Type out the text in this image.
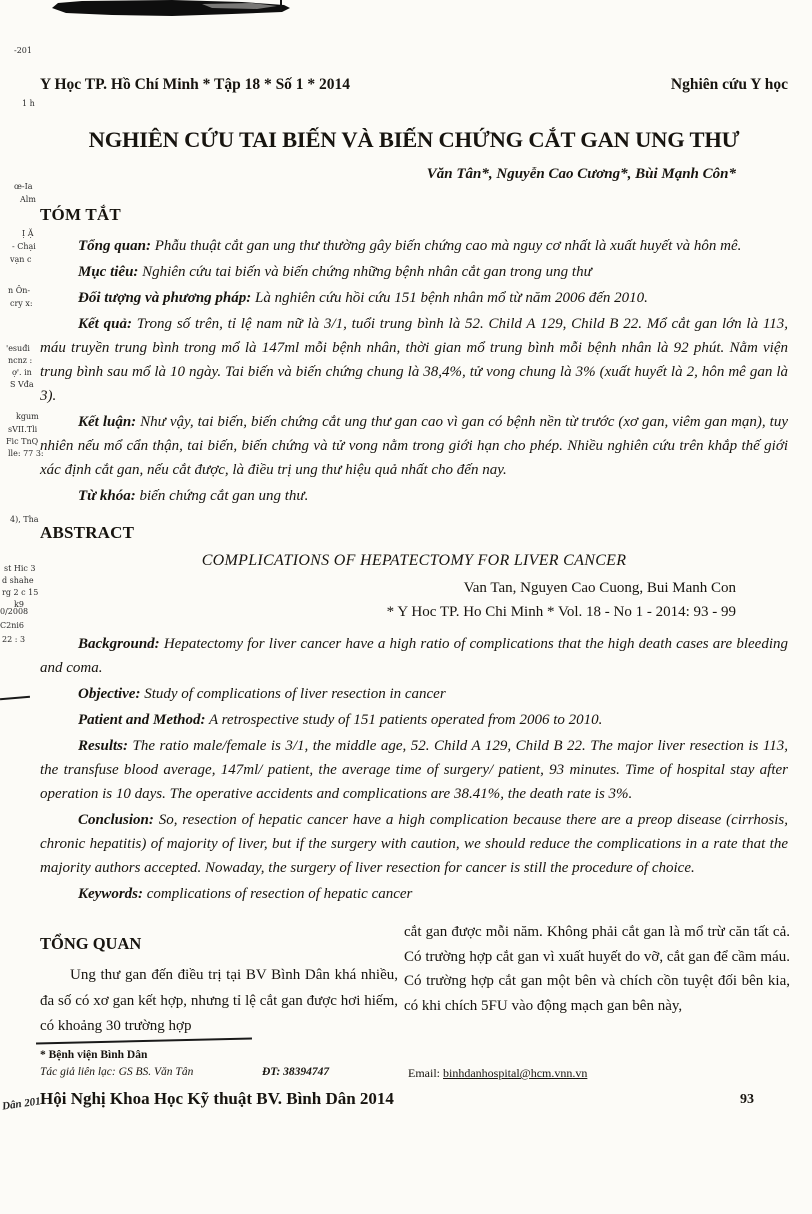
-201
1 h
œ-Ia
Alm
Ị Ặ
- Chại
vạn c
n Ôn-
cry x:
'esuđi
ncnz :
ợ'. in
S Vđa
kgum
sVII.Tli
Fic TnQ
lle: 77 3:
4), Tha
st Hic 3
d shahe
rg 2 c 15
k9
0/2008
C2ni6
22 : 3
Dân 201
Y Học TP. Hồ Chí Minh * Tập 18 * Số 1 * 2014	Nghiên cứu Y học
NGHIÊN CỨU TAI BIẾN VÀ BIẾN CHỨNG CẮT GAN UNG THƯ
Văn Tân*, Nguyễn Cao Cương*, Bùi Mạnh Côn*
TÓM TẮT

Tổng quan: Phẫu thuật cắt gan ung thư thường gây biến chứng cao mà nguy cơ nhất là xuất huyết và hôn mê.

Mục tiêu: Nghiên cứu tai biến và biến chứng những bệnh nhân cắt gan trong ung thư

Đối tượng và phương pháp: Là nghiên cứu hồi cứu 151 bệnh nhân mổ từ năm 2006 đến 2010.

Kết quả: Trong số trên, tỉ lệ nam nữ là 3/1, tuổi trung bình là 52. Child A 129, Child B 22. Mổ cắt gan lớn là 113, máu truyền trung bình trong mổ là 147ml mỗi bệnh nhân, thời gian mổ trung bình mỗi bệnh nhân là 92 phút. Nằm viện trung bình sau mổ là 10 ngày. Tai biến và biến chứng chung là 38,4%, tử vong chung là 3% (xuất huyết là 2, hôn mê gan là 3).

Kết luận: Như vậy, tai biến, biến chứng cắt ung thư gan cao vì gan có bệnh nền từ trước (xơ gan, viêm gan mạn), tuy nhiên nếu mổ cẩn thận, tai biến, biến chứng và tử vong nằm trong giới hạn cho phép. Nhiều nghiên cứu trên khắp thế giới xác định cắt gan, nếu cắt được, là điều trị ung thư hiệu quả nhất cho đến nay.

Từ khóa: biến chứng cắt gan ung thư.

ABSTRACT
COMPLICATIONS OF HEPATECTOMY FOR LIVER CANCER
Van Tan, Nguyen Cao Cuong, Bui Manh Con
* Y Hoc TP. Ho Chi Minh * Vol. 18 - No 1 - 2014: 93 - 99

Background: Hepatectomy for liver cancer have a high ratio of complications that the high death cases are bleeding and coma.

Objective: Study of complications of liver resection in cancer

Patient and Method: A retrospective study of 151 patients operated from 2006 to 2010.

Results: The ratio male/female is 3/1, the middle age, 52. Child A 129, Child B 22. The major liver resection is 113, the transfuse blood average, 147ml/ patient, the average time of surgery/ patient, 93 minutes. Time of hospital stay after operation is 10 days. The operative accidents and complications are 38.41%, the death rate is 3%.

Conclusion: So, resection of hepatic cancer have a high complication because there are a preop disease (cirrhosis, chronic hepatitis) of majority of liver, but if the surgery with caution, we should reduce the complications in a rate that the majority authors accepted. Nowaday, the surgery of liver resection for cancer is still the procedure of choice.

Keywords: complications of resection of hepatic cancer

TỔNG QUAN
Ung thư gan đến điều trị tại BV Bình Dân khá nhiều, đa số có xơ gan kết hợp, nhưng tỉ lệ cắt gan được hơi hiếm, có khoảng 30 trường hợp
cắt gan được mỗi năm. Không phải cắt gan là mổ trừ căn tất cả. Có trường hợp cắt gan vì xuất huyết do vỡ, cắt gan để cầm máu. Có trường hợp cắt gan một bên và chích cồn tuyệt đối bên kia, có khi chích 5FU vào động mạch gan bên này,
* Bệnh viện Bình Dân
Tác giả liên lạc: GS BS. Văn Tân	ĐT: 38394747	Email: binhdanhospital@hcm.vnn.vn
Hội Nghị Khoa Học Kỹ thuật BV. Bình Dân 2014	93
